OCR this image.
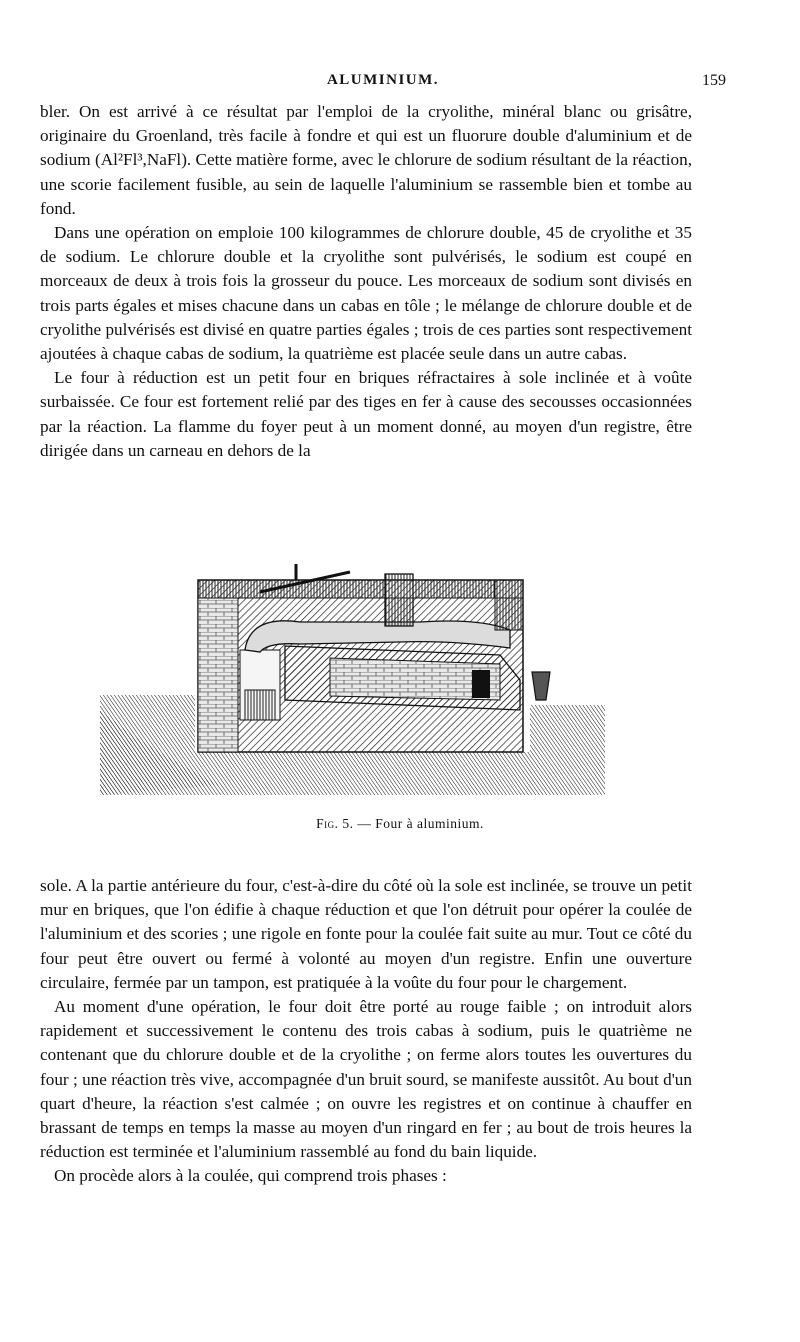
ALUMINIUM.	159

bler. On est arrivé à ce résultat par l'emploi de la cryolithe, minéral blanc ou grisâtre, originaire du Groenland, très facile à fondre et qui est un fluorure double d'aluminium et de sodium (Al²Fl³,NaFl). Cette matière forme, avec le chlorure de sodium résultant de la réaction, une scorie facilement fusible, au sein de laquelle l'aluminium se rassemble bien et tombe au fond.

Dans une opération on emploie 100 kilogrammes de chlorure double, 45 de cryolithe et 35 de sodium. Le chlorure double et la cryolithe sont pulvérisés, le sodium est coupé en morceaux de deux à trois fois la grosseur du pouce. Les morceaux de sodium sont divisés en trois parts égales et mises chacune dans un cabas en tôle ; le mélange de chlorure double et de cryolithe pulvérisés est divisé en quatre parties égales ; trois de ces parties sont respectivement ajoutées à chaque cabas de sodium, la quatrième est placée seule dans un autre cabas.

Le four à réduction est un petit four en briques réfractaires à sole inclinée et à voûte surbaissée. Ce four est fortement relié par des tiges en fer à cause des secousses occasionnées par la réaction. La flamme du foyer peut à un moment donné, au moyen d'un registre, être dirigée dans un carneau en dehors de la

Fig. 5. — Four à aluminium.

sole. A la partie antérieure du four, c'est-à-dire du côté où la sole est inclinée, se trouve un petit mur en briques, que l'on édifie à chaque réduction et que l'on détruit pour opérer la coulée de l'aluminium et des scories ; une rigole en fonte pour la coulée fait suite au mur. Tout ce côté du four peut être ouvert ou fermé à volonté au moyen d'un registre. Enfin une ouverture circulaire, fermée par un tampon, est pratiquée à la voûte du four pour le chargement.

Au moment d'une opération, le four doit être porté au rouge faible ; on introduit alors rapidement et successivement le contenu des trois cabas à sodium, puis le quatrième ne contenant que du chlorure double et de la cryolithe ; on ferme alors toutes les ouvertures du four ; une réaction très vive, accompagnée d'un bruit sourd, se manifeste aussitôt. Au bout d'un quart d'heure, la réaction s'est calmée ; on ouvre les registres et on continue à chauffer en brassant de temps en temps la masse au moyen d'un ringard en fer ; au bout de trois heures la réduction est terminée et l'aluminium rassemblé au fond du bain liquide.

On procède alors à la coulée, qui comprend trois phases :
